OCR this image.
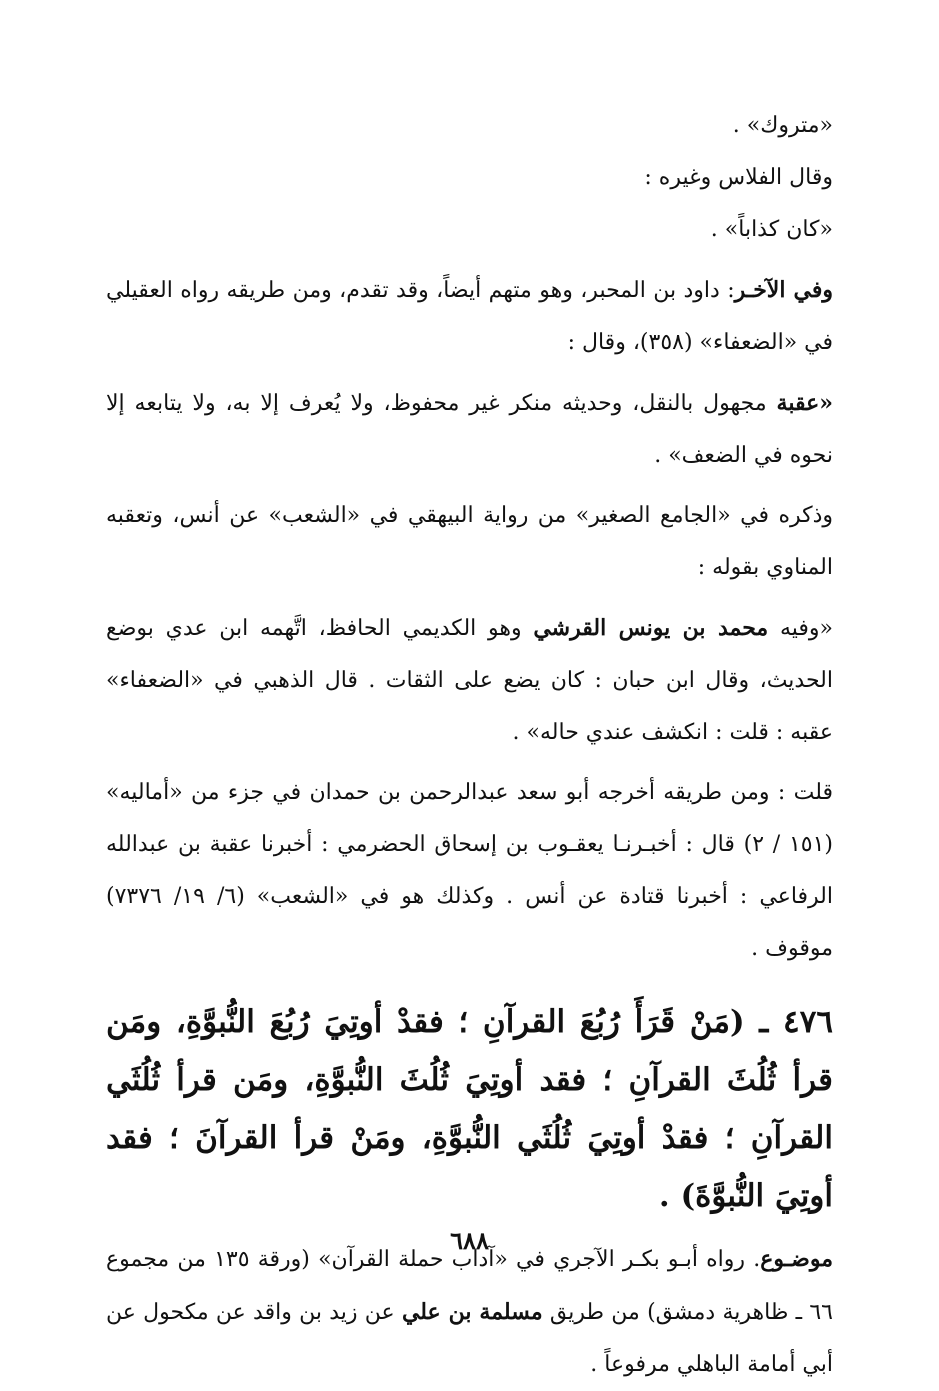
«متروك» .
وقال الفلاس وغيره :
«كان كذاباً» .
وفي الآخـر: داود بن المحبر، وهو متهم أيضاً، وقد تقدم، ومن طريقه رواه العقيلي في «الضعفاء» (٣٥٨)، وقال :
«عقبة مجهول بالنقل، وحديثه منكر غير محفوظ، ولا يُعرف إلا به، ولا يتابعه إلا نحوه في الضعف» .
وذكره في «الجامع الصغير» من رواية البيهقي في «الشعب» عن أنس، وتعقبه المناوي بقوله :
«وفيه محمد بن يونس القرشي وهو الكديمي الحافظ، اتَّهمه ابن عدي بوضع الحديث، وقال ابن حبان : كان يضع على الثقات . قال الذهبي في «الضعفاء» عقبه : قلت : انكشف عندي حاله» .
قلت : ومن طريقه أخرجه أبو سعد عبدالرحمن بن حمدان في جزء من «أماليه» (١٥١ / ٢) قال : أخبـرنـا يعقـوب بن إسحاق الحضرمي : أخبرنا عقبة بن عبدالله الرفاعي : أخبرنا قتادة عن أنس . وكذلك هو في «الشعب» (٦/ ١٩/ ٧٣٧٦) موقوف .
٤٧٦ ـ (مَنْ قَرَأَ رُبُعَ القرآنِ ؛ فقدْ أوتِيَ رُبُعَ النُّبوَّةِ، ومَن قرأ ثُلُثَ القرآنِ ؛ فقد أوتِيَ ثُلُثَ النُّبوَّةِ، ومَن قرأ ثُلُثَي القرآنِ ؛ فقدْ أوتِيَ ثُلُثَي النُّبوَّةِ، ومَنْ قرأ القرآنَ ؛ فقد أوتِيَ النُّبوَّةَ) .
موضـوع. رواه أبـو بكـر الآجري في «آداب حملة القرآن» (ورقة ١٣٥ من مجموع ٦٦ ـ ظاهرية دمشق) من طريق مسلمة بن علي عن زيد بن واقد عن مكحول عن أبي أمامة الباهلي مرفوعاً .
٦٨٨
